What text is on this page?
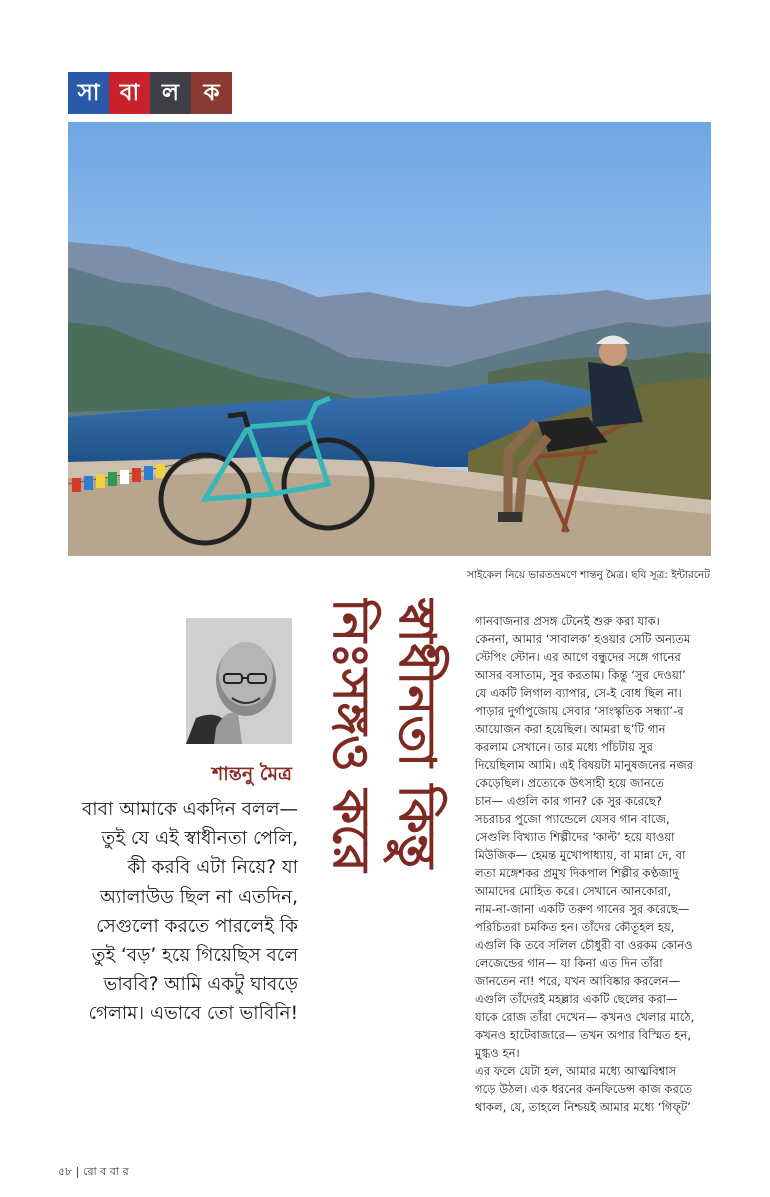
সা বা ল	ক
সাইকেল নিয়ে ভারতভ্রমণে শান্তনু মৈত্র। ছবি সূত্র: ইন্টারনেট
শান্তনু মৈত্র
বাবা আমাকে একদিন বলল—
তুই যে এই স্বাধীনতা পেলি,
কী করবি এটা নিয়ে? যা
অ্যালাউড ছিল না এতদিন,
সেগুলো করতে পারলেই কি
তুই ‘বড়’ হয়ে গিয়েছিস বলে
ভাববি? আমি একটু ঘাবড়ে
গেলাম। এভাবে তো ভাবিনি!
স্বাধীনতা কিন্তু
নিঃসঙ্গও করে	গানবাজনার প্রসঙ্গ টেনেই শুরু করা যাক।
কেননা, আমার ‘সাবালক’ হওয়ার সেটি অন্যতম
স্টেপিং স্টোন। এর আগে বন্ধুদের সঙ্গে গানের
আসর বসাতাম, সুর করতাম। কিন্তু ‘সুর দেওয়া’
যে একটি লিগাল ব্যাপার, সে-ই বোধ ছিল না।
পাড়ার দুর্গাপুজোয় সেবার ‘সাংস্কৃতিক সন্ধ্যা’-র
আয়োজন করা হয়েছিল। আমরা ছ’টি গান
করলাম সেখানে। তার মধ্যে পাঁচটায় সুর
দিয়েছিলাম আমি। এই বিষয়টা মানুষজনের নজর
কেড়েছিল। প্রত্যেকে উৎসাহী হয়ে জানতে
চান— এগুলি কার গান? কে সুর করেছে?
সচরাচর পুজো প্যান্ডেলে যেসব গান বাজে,
সেগুলি বিখ্যাত শিল্পীদের ‘কাল্ট’ হয়ে যাওয়া
মিউজিক— হেমন্ত মুখোপাধ্যায়, বা মান্না দে, বা
লতা মঙ্গেশকর প্রমুখ দিকপাল শিল্পীর কণ্ঠজাদু
আমাদের মোহিত করে। সেখানে আনকোরা,
নাম-না-জানা একটি তরুণ গানের সুর করেছে—
পরিচিতরা চমকিত হন। তাঁদের কৌতূহল হয়,
এগুলি কি তবে সলিল চৌধুরী বা ওরকম কোনও
লেজেন্ডের গান— যা কিনা এত দিন তাঁরা
জানতেন না! পরে, যখন আবিষ্কার করলেন—
এগুলি তাঁদেরই মহল্লার একটি ছেলের করা—
যাকে রোজ তাঁরা দেখেন— কখনও খেলার মাঠে,
কখনও হাটেবাজারে— তখন অপার বিস্মিত হন,
মুগ্ধও হন।
এর ফলে যেটা হল, আমার মধ্যে আত্মবিশ্বাস
গড়ে উঠল। এক ধরনের কনফিডেন্স কাজ করতে
থাকল, যে, তাহলে নিশ্চয়ই আমার মধ্যে ‘গিফ্‌ট’
৫৮ | রো ব বা র
